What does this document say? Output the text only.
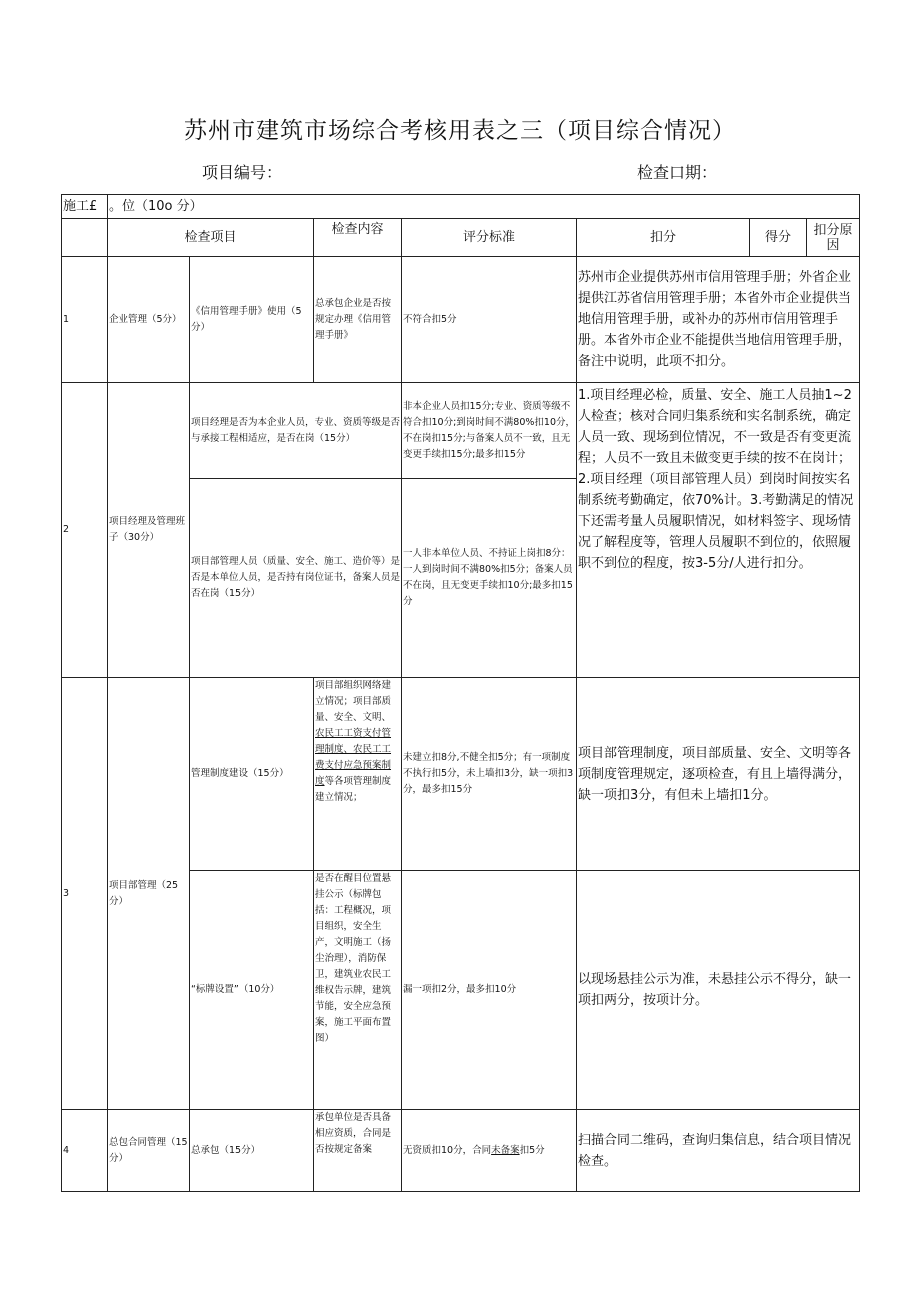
苏州市建筑市场综合考核用表之三（项目综合情况）
项目编号：	检查口期：
施工£	。位（10o 分）						
	检查项目		检查内容	评分标准	扣分	得分	扣分原因
1	企业管理（5分）	《信用管理手册》使用（5分）	总承包企业是否按规定办理《信用管理手册》	不符合扣5分	苏州市企业提供苏州市信用管理手册；外省企业提供江苏省信用管理手册；本省外市企业提供当地信用管理手册，或补办的苏州市信用管理手册。本省外市企业不能提供当地信用管理手册，备注中说明，此项不扣分。		
2	项目经理及管理班子（30分）	项目经理是否为本企业人员，专业、资质等级是否与承接工程相适应，是否在岗（15分）		非本企业人员扣15分;专业、资质等级不符合扣10分;到岗时间不满80%扣10分，不在岗扣15分;与备案人员不一致，且无变更手续扣15分;最多扣15分	1.项目经理必检，质量、安全、施工人员抽1~2人检查；核对合同归集系统和实名制系统，确定人员一致、现场到位情况，不一致是否有变更流程；人员不一致且未做变更手续的按不在岗计；2.项目经理（项目部管理人员）到岗时间按实名制系统考勤确定，依70%计。3.考勤满足的情况下还需考量人员履职情况，如材料签字、现场情况了解程度等，管理人员履职不到位的，依照履职不到位的程度，按3-5分/人进行扣分。		
		项目部管理人员（质量、安全、施工、造价等）是否是本单位人员，是否持有岗位证书，备案人员是否在岗（15分）		一人非本单位人员、不持证上岗扣8分：一人到岗时间不满80%扣5分；备案人员不在岗，且无变更手续扣10分;最多扣15分			
3	项目部管理（25分）	管理制度建设（15分）	项目部组织网络建立情况；项目部质量、安全、文明、农民工工资支付管理制度、农民工工费支付应急预案制度等各项管理制度建立情况；	未建立扣8分,不健全扣5分；有一项制度不执行扣5分，未上墙扣3分，缺一项扣3分，最多扣15分	项目部管理制度，项目部质量、安全、文明等各项制度管理规定，逐项检查，有且上墙得满分，缺一项扣3分，有但未上墙扣1分。		
		“标牌设置”（10分）	是否在醒目位置悬挂公示（标牌包括：工程概况，项目组织，安全生产，文明施工（扬尘治理），消防保卫，建筑业农民工维权告示牌，建筑节能，安全应急预案，施工平面布置图）	漏一项扣2分，最多扣10分	以现场悬挂公示为准，未悬挂公示不得分，缺一项扣两分，按项计分。		
4	总包合同管理（15分）	总承包（15分）	承包单位是否具备相应资质，合同是否按规定备案	无资质扣10分，合同未备案扣5分	扫描合同二维码，查询归集信息，结合项目情况检查。		
